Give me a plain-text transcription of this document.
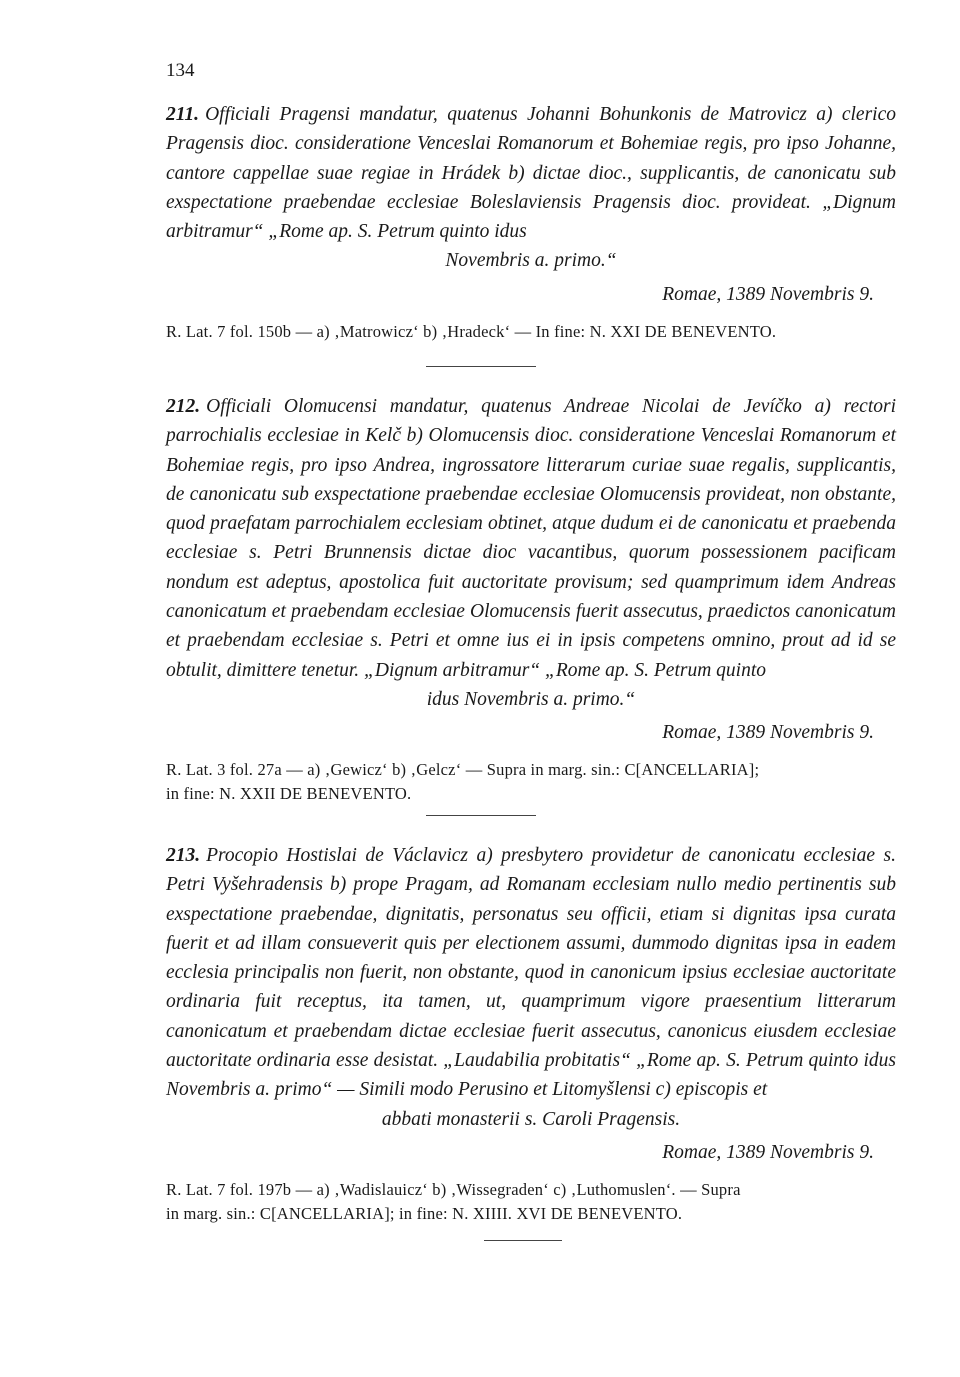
134

211. Officiali Pragensi mandatur, quatenus Johanni Bohunkonis de Matrovicz a) clerico Pragensis dioc. consideratione Venceslai Romanorum et Bohemiae regis, pro ipso Johanne, cantore cappellae suae regiae in Hrádek b) dictae dioc., supplicantis, de canonicatu sub exspectatione praebendae ecclesiae Boleslaviensis Pragensis dioc. provideat. „Dignum arbitramur“ „Rome ap. S. Petrum quinto idus

Novembris a. primo.“

Romae, 1389 Novembris 9.

R. Lat. 7 fol. 150b — a) ‚Matrowicz‘ b) ‚Hradeck‘ — In fine: N. XXI DE BENEVENTO.

212. Officiali Olomucensi mandatur, quatenus Andreae Nicolai de Jevíčko a) rectori parrochialis ecclesiae in Kelč b) Olomucensis dioc. consideratione Venceslai Romanorum et Bohemiae regis, pro ipso Andrea, ingrossatore litterarum curiae suae regalis, supplicantis, de canonicatu sub exspectatione praebendae ecclesiae Olomucensis provideat, non obstante, quod praefatam parrochialem ecclesiam obtinet, atque dudum ei de canonicatu et praebenda ecclesiae s. Petri Brunnensis dictae dioc vacantibus, quorum possessionem pacificam nondum est adeptus, apostolica fuit auctoritate provisum; sed quamprimum idem Andreas canonicatum et praebendam ecclesiae Olomucensis fuerit assecutus, praedictos canonicatum et praebendam ecclesiae s. Petri et omne ius ei in ipsis competens omnino, prout ad id se obtulit, dimittere tenetur. „Dignum arbitramur“ „Rome ap. S. Petrum quinto

idus Novembris a. primo.“

Romae, 1389 Novembris 9.

R. Lat. 3 fol. 27a — a) ‚Gewicz‘ b) ‚Gelcz‘ — Supra in marg. sin.: C[ANCELLARIA];
in fine: N. XXII DE BENEVENTO.

213. Procopio Hostislai de Václavicz a) presbytero providetur de canonicatu ecclesiae s. Petri Vyšehradensis b) prope Pragam, ad Romanam ecclesiam nullo medio pertinentis sub exspectatione praebendae, dignitatis, personatus seu officii, etiam si dignitas ipsa curata fuerit et ad illam consueverit quis per electionem assumi, dummodo dignitas ipsa in eadem ecclesia principalis non fuerit, non obstante, quod in canonicum ipsius ecclesiae auctoritate ordinaria fuit receptus, ita tamen, ut, quamprimum vigore praesentium litterarum canonicatum et praebendam dictae ecclesiae fuerit assecutus, canonicus eiusdem ecclesiae auctoritate ordinaria esse desistat. „Laudabilia probitatis“ „Rome ap. S. Petrum quinto idus Novembris a. primo“ — Simili modo Perusino et Litomyšlensi c) episcopis et

abbati monasterii s. Caroli Pragensis.

Romae, 1389 Novembris 9.

R. Lat. 7 fol. 197b — a) ‚Wadislauicz‘ b) ‚Wissegraden‘ c) ‚Luthomuslen‘. — Supra
in marg. sin.: C[ANCELLARIA]; in fine: N. XIIII. XVI DE BENEVENTO.
